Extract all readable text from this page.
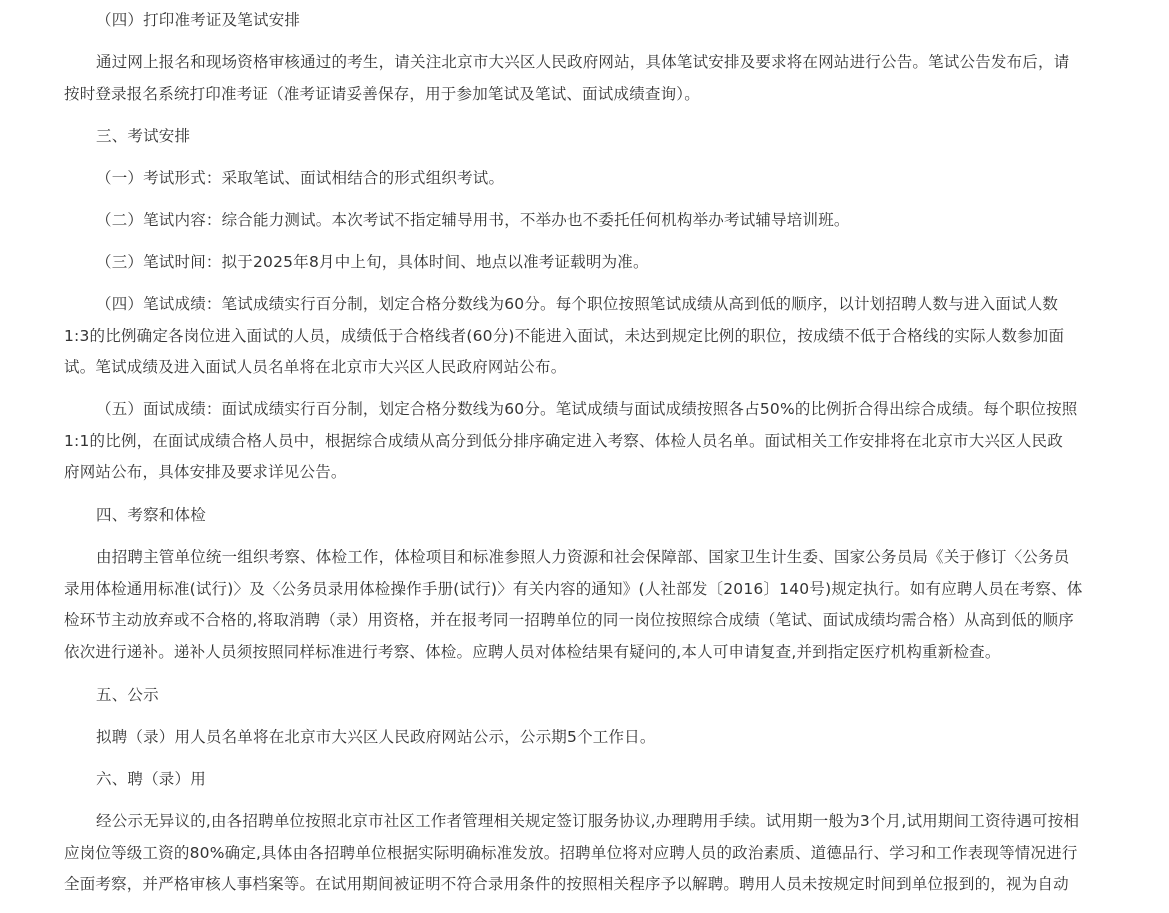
（四）打印准考证及笔试安排
通过网上报名和现场资格审核通过的考生，请关注北京市大兴区人民政府网站，具体笔试安排及要求将在网站进行公告。笔试公告发布后，请
按时登录报名系统打印准考证（准考证请妥善保存，用于参加笔试及笔试、面试成绩查询）。
三、考试安排
（一）考试形式：采取笔试、面试相结合的形式组织考试。
（二）笔试内容：综合能力测试。本次考试不指定辅导用书，不举办也不委托任何机构举办考试辅导培训班。
（三）笔试时间：拟于2025年8月中上旬，具体时间、地点以准考证载明为准。
（四）笔试成绩：笔试成绩实行百分制，划定合格分数线为60分。每个职位按照笔试成绩从高到低的顺序，以计划招聘人数与进入面试人数
1:3的比例确定各岗位进入面试的人员，成绩低于合格线者(60分)不能进入面试，未达到规定比例的职位，按成绩不低于合格线的实际人数参加面
试。笔试成绩及进入面试人员名单将在北京市大兴区人民政府网站公布。
（五）面试成绩：面试成绩实行百分制，划定合格分数线为60分。笔试成绩与面试成绩按照各占50%的比例折合得出综合成绩。每个职位按照
1:1的比例，在面试成绩合格人员中，根据综合成绩从高分到低分排序确定进入考察、体检人员名单。面试相关工作安排将在北京市大兴区人民政
府网站公布，具体安排及要求详见公告。
四、考察和体检
由招聘主管单位统一组织考察、体检工作，体检项目和标准参照人力资源和社会保障部、国家卫生计生委、国家公务员局《关于修订〈公务员
录用体检通用标准(试行)〉及〈公务员录用体检操作手册(试行)〉有关内容的通知》(人社部发〔2016〕140号)规定执行。如有应聘人员在考察、体
检环节主动放弃或不合格的,将取消聘（录）用资格，并在报考同一招聘单位的同一岗位按照综合成绩（笔试、面试成绩均需合格）从高到低的顺序
依次进行递补。递补人员须按照同样标准进行考察、体检。应聘人员对体检结果有疑问的,本人可申请复查,并到指定医疗机构重新检查。
五、公示
拟聘（录）用人员名单将在北京市大兴区人民政府网站公示，公示期5个工作日。
六、聘（录）用
经公示无异议的,由各招聘单位按照北京市社区工作者管理相关规定签订服务协议,办理聘用手续。试用期一般为3个月,试用期间工资待遇可按相
应岗位等级工资的80%确定,具体由各招聘单位根据实际明确标准发放。招聘单位将对应聘人员的政治素质、道德品行、学习和工作表现等情况进行
全面考察，并严格审核人事档案等。在试用期间被证明不符合录用条件的按照相关程序予以解聘。聘用人员未按规定时间到单位报到的，视为自动
